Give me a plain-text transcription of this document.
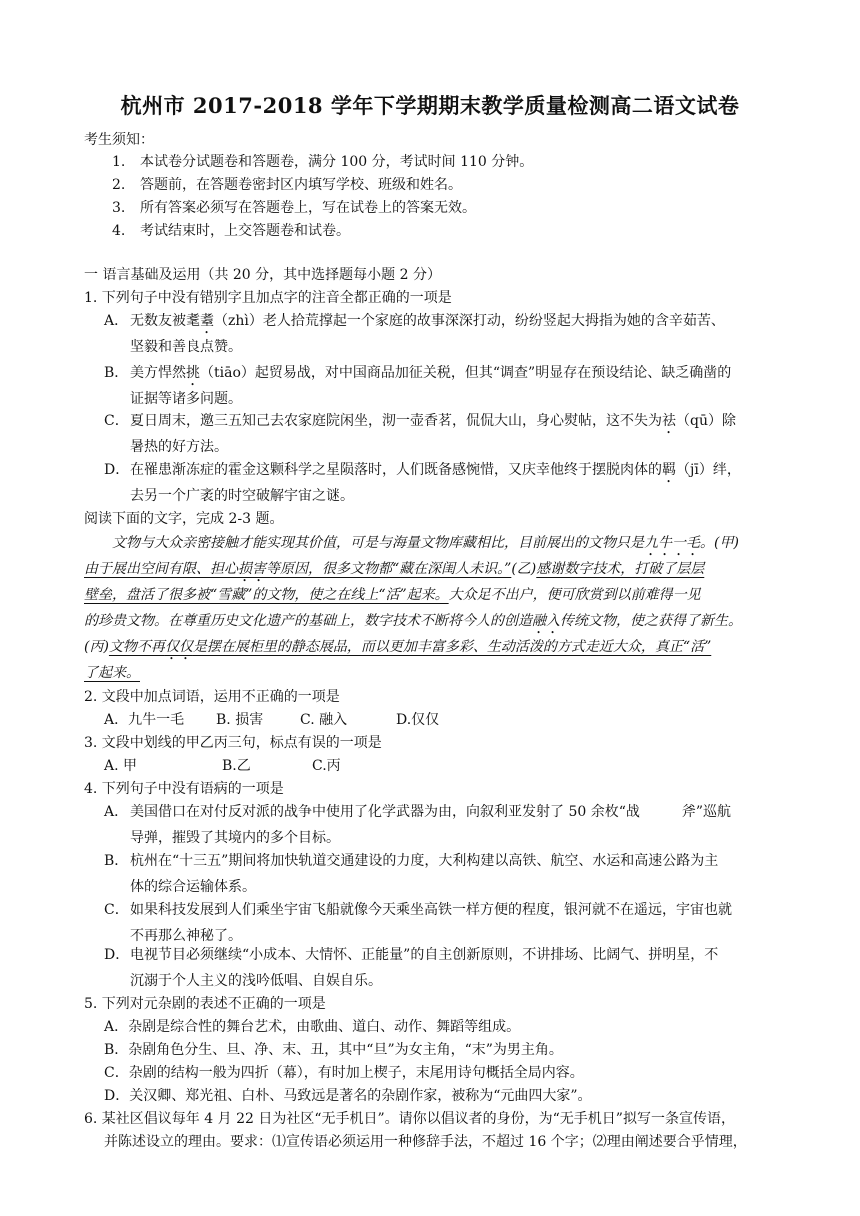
杭州市 2017-2018 学年下学期期末教学质量检测高二语文试卷
考生须知：
1. 本试卷分试题卷和答题卷，满分 100 分，考试时间 110 分钟。
2. 答题前，在答题卷密封区内填写学校、班级和姓名。
3. 所有答案必须写在答题卷上，写在试卷上的答案无效。
4. 考试结束时，上交答题卷和试卷。
一 语言基础及运用（共 20 分，其中选择题每小题 2 分）
1. 下列句子中没有错别字且加点字的注音全都正确的一项是
A． 无数友被耄耋（zhì）老人拾荒撑起一个家庭的故事深深打动，纷纷竖起大拇指为她的含辛茹苦、
坚毅和善良点赞。
B． 美方悍然挑（tiāo）起贸易战，对中国商品加征关税，但其“调查”明显存在预设结论、缺乏确凿的
证据等诸多问题。
C．夏日周末，邀三五知己去农家庭院闲坐，沏一壶香茗，侃侃大山，身心熨帖，这不失为祛（qū）除
暑热的好方法。
D．在罹患渐冻症的霍金这颗科学之星陨落时，人们既备感惋惜，又庆幸他终于摆脱肉体的羁（jī）绊，
去另一个广袤的时空破解宇宙之谜。
阅读下面的文字，完成 2-3 题。
文物与大众亲密接触才能实现其价值，可是与海量文物库藏相比，目前展出的文物只是九牛一毛。(甲)
由于展出空间有限、担心损害等原因，很多文物都“藏在深闺人未识。”(乙)感谢数字技术，打破了层层
壁垒，盘活了很多被“雪藏”的文物，使之在线上“活”起来。大众足不出户，便可欣赏到以前难得一见
的珍贵文物。在尊重历史文化遗产的基础上，数字技术不断将今人的创造融入传统文物，使之获得了新生。
(丙)文物不再仅仅是摆在展柜里的静态展品，而以更加丰富多彩、生动活泼的方式走近大众，真正“活”
了起来。
2. 文段中加点词语，运用不正确的一项是
A．九牛一毛 B. 损害	C. 融入	D.仅仅
3. 文段中划线的甲乙丙三句，标点有误的一项是
A. 甲	B.乙	C.丙
4. 下列句子中没有语病的一项是
A． 美国借口在对付反对派的战争中使用了化学武器为由，向叙利亚发射了 50 余枚“战	斧”巡航
导弹，摧毁了其境内的多个目标。
B． 杭州在“十三五”期间将加快轨道交通建设的力度，大利构建以高铁、航空、水运和高速公路为主
体的综合运输体系。
C．如果科技发展到人们乘坐宇宙飞船就像今天乘坐高铁一样方便的程度，银河就不在遥远，宇宙也就
不再那么神秘了。
D．电视节目必须继续“小成本、大情怀、正能量”的自主创新原则，不讲排场、比阔气、拼明星，不
沉溺于个人主义的浅吟低唱、自娱自乐。
5. 下列对元杂剧的表述不正确的一项是
A．杂剧是综合性的舞台艺术，由歌曲、道白、动作、舞蹈等组成。
B．杂剧角色分生、旦、净、末、丑，其中“旦”为女主角，“末”为男主角。
C．杂剧的结构一般为四折（幕），有时加上楔子，末尾用诗句概括全局内容。
D．关汉卿、郑光祖、白朴、马致远是著名的杂剧作家，被称为“元曲四大家”。
6. 某社区倡议每年 4 月 22 日为社区“无手机日”。请你以倡议者的身份，为“无手机日”拟写一条宣传语，
并陈述设立的理由。要求：⑴宣传语必须运用一种修辞手法，不超过 16 个字；⑵理由阐述要合乎情理，
